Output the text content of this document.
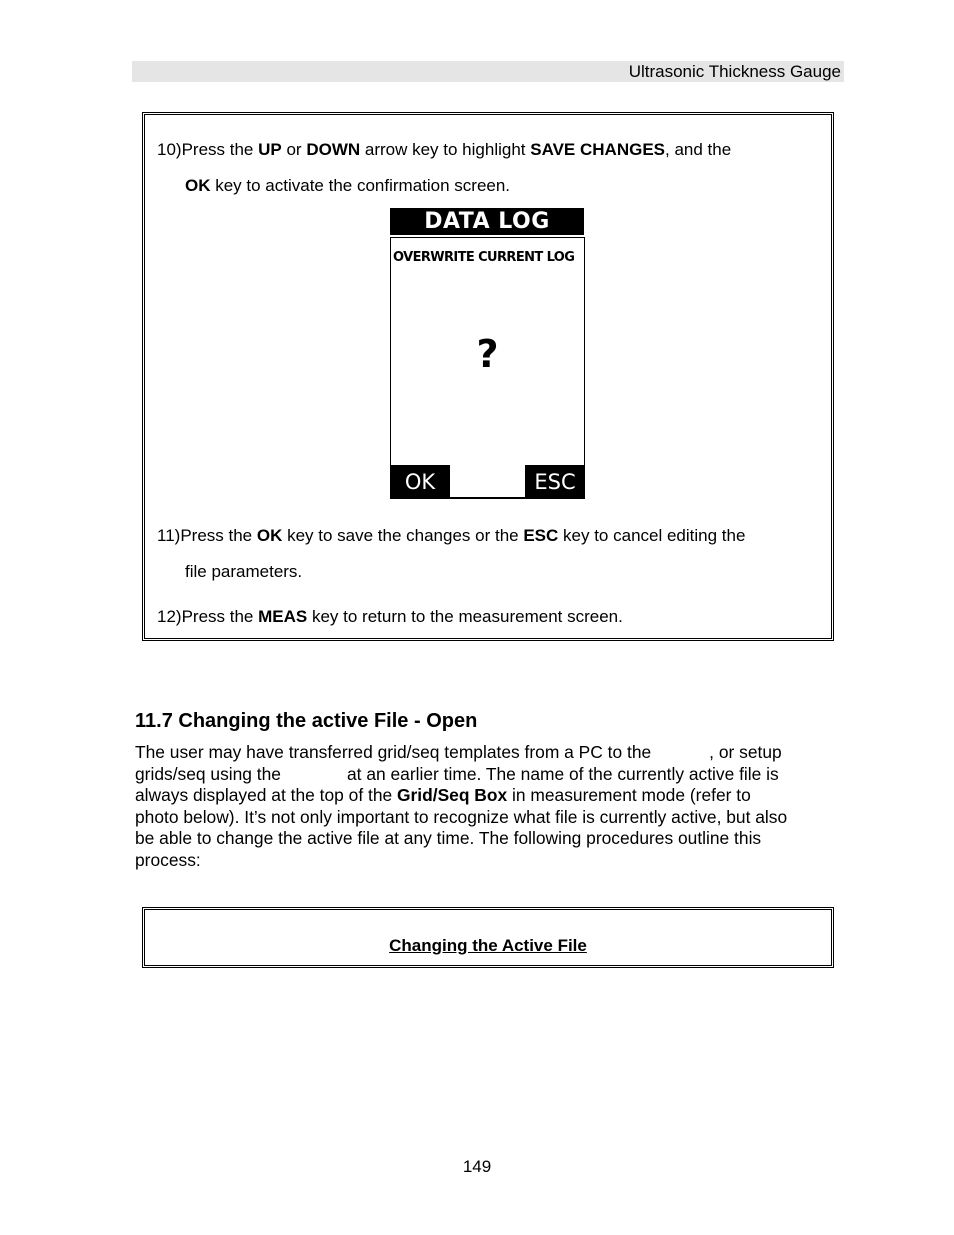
Ultrasonic Thickness Gauge
10)Press the UP or DOWN arrow key to highlight SAVE CHANGES, and the
OK key to activate the confirmation screen.
DATA LOG
OVERWRITE CURRENT LOG
?
OK	ESC
11)Press the OK key to save the changes or the ESC key to cancel editing the
file parameters.
12)Press the MEAS key to return to the measurement screen.
11.7 Changing the active File - Open
The user may have transferred grid/seq templates from a PC to the	, or setup
grids/seq using the	at an earlier time. The name of the currently active file is
always displayed at the top of the Grid/Seq Box in measurement mode (refer to
photo below). It’s not only important to recognize what file is currently active, but also
be able to change the active file at any time. The following procedures outline this
process:
Changing the Active File
149
